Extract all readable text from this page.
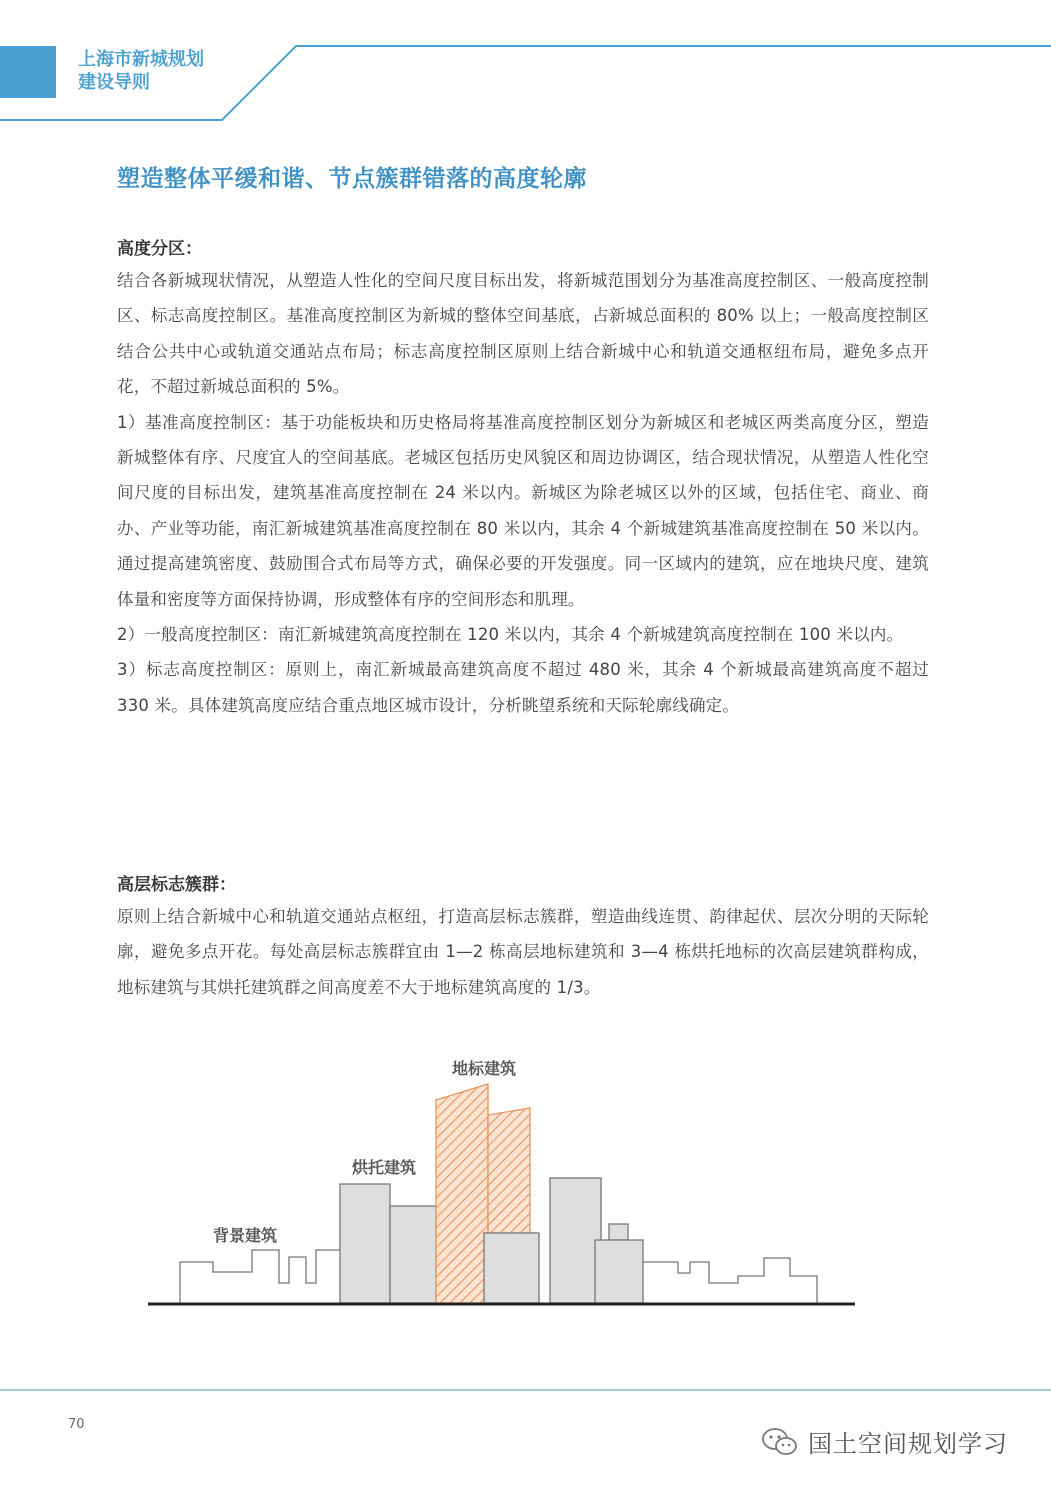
上海市新城规划
建设导则
塑造整体平缓和谐、节点簇群错落的高度轮廓
高度分区：

结合各新城现状情况，从塑造人性化的空间尺度目标出发，将新城范围划分为基准高度控制区、一般高度控制区、标志高度控制区。基准高度控制区为新城的整体空间基底，占新城总面积的 80% 以上；一般高度控制区结合公共中心或轨道交通站点布局；标志高度控制区原则上结合新城中心和轨道交通枢纽布局，避免多点开花，不超过新城总面积的 5%。

1）基准高度控制区：基于功能板块和历史格局将基准高度控制区划分为新城区和老城区两类高度分区，塑造新城整体有序、尺度宜人的空间基底。老城区包括历史风貌区和周边协调区，结合现状情况，从塑造人性化空间尺度的目标出发，建筑基准高度控制在 24 米以内。新城区为除老城区以外的区域，包括住宅、商业、商办、产业等功能，南汇新城建筑基准高度控制在 80 米以内，其余 4 个新城建筑基准高度控制在 50 米以内。通过提高建筑密度、鼓励围合式布局等方式，确保必要的开发强度。同一区域内的建筑，应在地块尺度、建筑体量和密度等方面保持协调，形成整体有序的空间形态和肌理。

2）一般高度控制区：南汇新城建筑高度控制在 120 米以内，其余 4 个新城建筑高度控制在 100 米以内。

3）标志高度控制区：原则上，南汇新城最高建筑高度不超过 480 米，其余 4 个新城最高建筑高度不超过 330 米。具体建筑高度应结合重点地区城市设计，分析眺望系统和天际轮廓线确定。

高层标志簇群：

原则上结合新城中心和轨道交通站点枢纽，打造高层标志簇群，塑造曲线连贯、韵律起伏、层次分明的天际轮廓，避免多点开花。每处高层标志簇群宜由 1—2 栋高层地标建筑和 3—4 栋烘托地标的次高层建筑群构成，地标建筑与其烘托建筑群之间高度差不大于地标建筑高度的 1/3。

地标建筑
烘托建筑
背景建筑
70
国土空间规划学习
